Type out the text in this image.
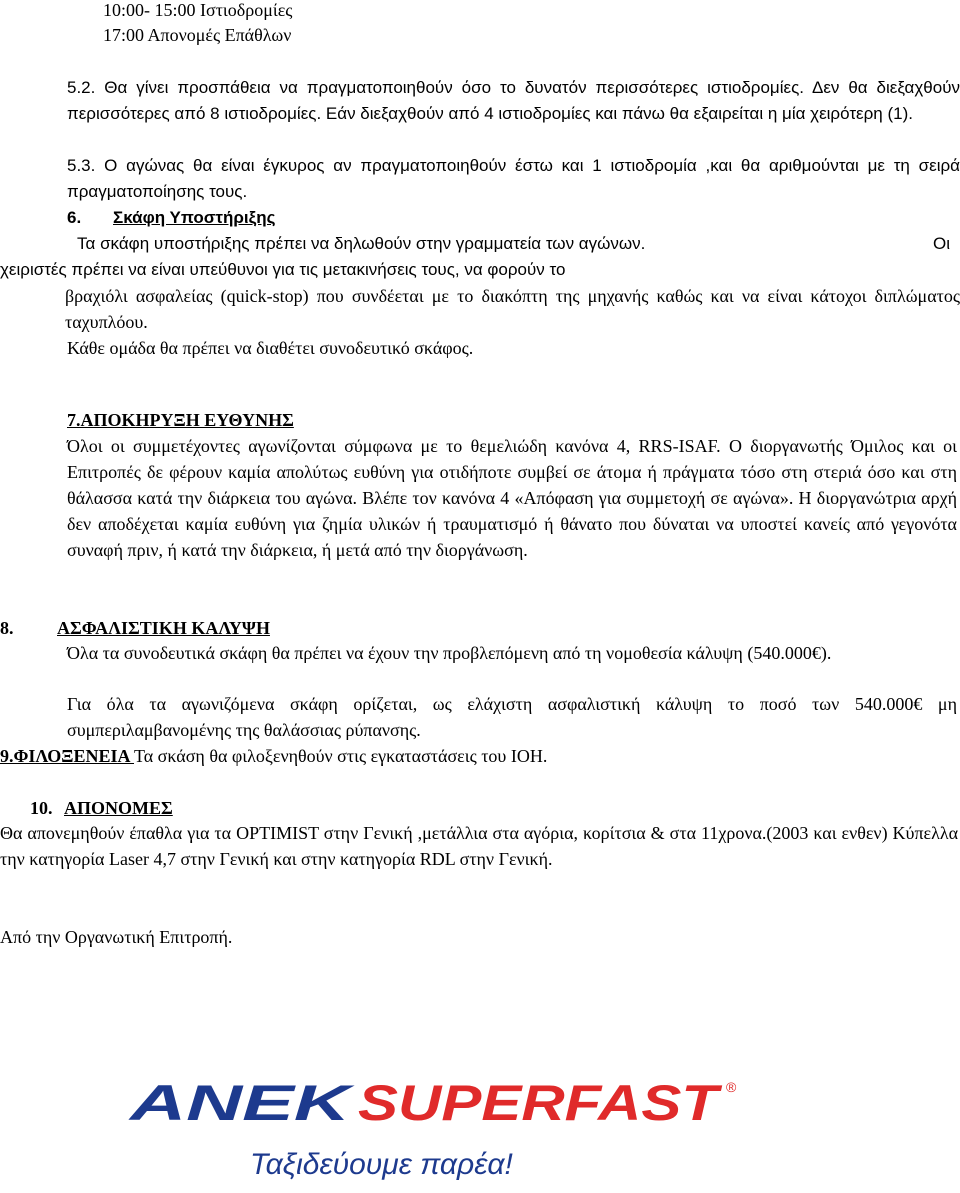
10:00- 15:00 Ιστιοδρομίες
17:00 Απονομές Επάθλων
5.2. Θα γίνει προσπάθεια να πραγματοποιηθούν όσο το δυνατόν περισσότερες ιστιοδρομίες. Δεν θα διεξαχθούν περισσότερες από 8 ιστιοδρομίες. Εάν διεξαχθούν από 4 ιστιοδρομίες και πάνω θα εξαιρείται η μία χειρότερη (1).
5.3. Ο αγώνας θα είναι έγκυρος αν πραγματοποιηθούν έστω και 1 ιστιοδρομία ,και θα αριθμούνται με τη σειρά πραγματοποίησης τους.
6. Σκάφη Υποστήριξης
Τα σκάφη υποστήριξης πρέπει να δηλωθούν στην γραμματεία των αγώνων.	Οι
χειριστές πρέπει να είναι υπεύθυνοι για τις μετακινήσεις τους, να φορούν το
βραχιόλι ασφαλείας (quick-stop) που συνδέεται με το διακόπτη της μηχανής καθώς και να είναι κάτοχοι διπλώματος ταχυπλόου.
Κάθε ομάδα θα πρέπει να διαθέτει συνοδευτικό σκάφος.
7.ΑΠΟΚΗΡΥΞΗ ΕΥΘΥΝΗΣ
Όλοι οι συμμετέχοντες αγωνίζονται σύμφωνα με το θεμελιώδη κανόνα 4, RRS-ISAF. Ο διοργανωτής Όμιλος και οι Επιτροπές δε φέρουν καμία απολύτως ευθύνη για οτιδήποτε συμβεί σε άτομα ή πράγματα τόσο στη στεριά όσο και στη θάλασσα κατά την διάρκεια του αγώνα. Βλέπε τον κανόνα 4 «Απόφαση για συμμετοχή σε αγώνα». Η διοργανώτρια αρχή δεν αποδέχεται καμία ευθύνη για ζημία υλικών ή τραυματισμό ή θάνατο που δύναται να υποστεί κανείς από γεγονότα συναφή πριν, ή κατά την διάρκεια, ή μετά από την διοργάνωση.
8. ΑΣΦΑΛΙΣΤΙΚΗ ΚΑΛΥΨΗ
Όλα τα συνοδευτικά σκάφη θα πρέπει να έχουν την προβλεπόμενη από τη νομοθεσία κάλυψη (540.000€).
Για όλα τα αγωνιζόμενα σκάφη ορίζεται, ως ελάχιστη ασφαλιστική κάλυψη το ποσό των 540.000€ μη συμπεριλαμβανομένης της θαλάσσιας ρύπανσης.
9.ΦΙΛΟΞΕΝΕΙΑ Τα σκάση θα φιλοξενηθούν στις εγκαταστάσεις του ΙΟΗ.
10. ΑΠΟΝΟΜΕΣ
Θα απονεμηθούν έπαθλα για τα OPTIMIST στην Γενική ,μετάλλια στα αγόρια, κορίτσια & στα 11χρονα.(2003 και ενθεν) Κύπελλα την κατηγορία Laser 4,7 στην Γενική και στην κατηγορία RDL στην Γενική.
Από την Οργανωτική Επιτροπή.
ANEK SUPERFAST ®
Ταξιδεύουμε παρέα!
